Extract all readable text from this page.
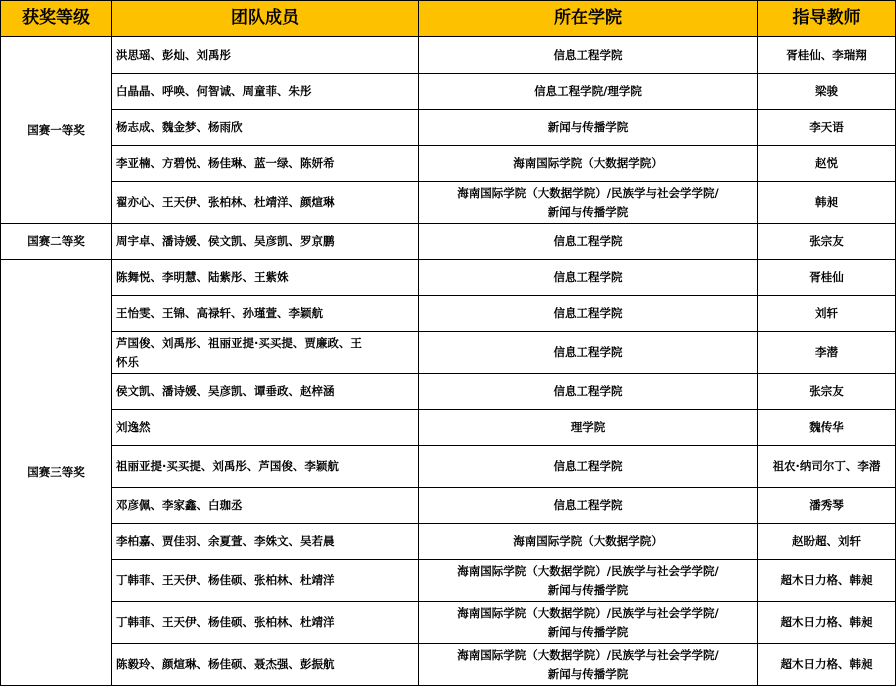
获奖等级	团队成员	所在学院	指导教师
国赛一等奖	洪思瑶、彭灿、刘禹彤	信息工程学院	胥桂仙、李瑞翔
	白晶晶、呼唤、何智诚、周童菲、朱彤	信息工程学院/理学院	梁骏
	杨志成、魏金梦、杨雨欣	新闻与传播学院	李天语
	李亚楠、方碧悦、杨佳琳、蓝一绿、陈妍希	海南国际学院（大数据学院）	赵悦
	翟亦心、王天伊、张柏林、杜靖洋、颜煊琳	海南国际学院（大数据学院）/民族学与社会学学院/
新闻与传播学院	韩昶
国赛二等奖	周宇卓、潘诗媛、侯文凯、吴彦凯、罗京鹏	信息工程学院	张宗友
国赛三等奖	陈舞悦、李明慧、陆紫彤、王紫姝	信息工程学院	胥桂仙
	王怡雯、王锦、高禄轩、孙瑾萱、李颖航	信息工程学院	刘轩
	芦国俊、刘禹彤、祖丽亚提·买买提、贾廉政、王
怀乐	信息工程学院	李潜
	侯文凯、潘诗媛、吴彦凯、谭垂政、赵梓涵	信息工程学院	张宗友
	刘逸然	理学院	魏传华
	祖丽亚提·买买提、刘禹彤、芦国俊、李颖航	信息工程学院	祖农·纳司尔丁、李潜
	邓彦佩、李家鑫、白珈丞	信息工程学院	潘秀琴
	李柏嘉、贾佳羽、余夏萱、李姝文、吴若晨	海南国际学院（大数据学院）	赵盼超、刘轩
	丁韩菲、王天伊、杨佳硕、张柏林、杜靖洋	海南国际学院（大数据学院）/民族学与社会学学院/
新闻与传播学院	超木日力格、韩昶
	丁韩菲、王天伊、杨佳硕、张柏林、杜靖洋	海南国际学院（大数据学院）/民族学与社会学学院/
新闻与传播学院	超木日力格、韩昶
	陈毅玲、颜煊琳、杨佳硕、聂杰强、彭振航	海南国际学院（大数据学院）/民族学与社会学学院/
新闻与传播学院	超木日力格、韩昶
